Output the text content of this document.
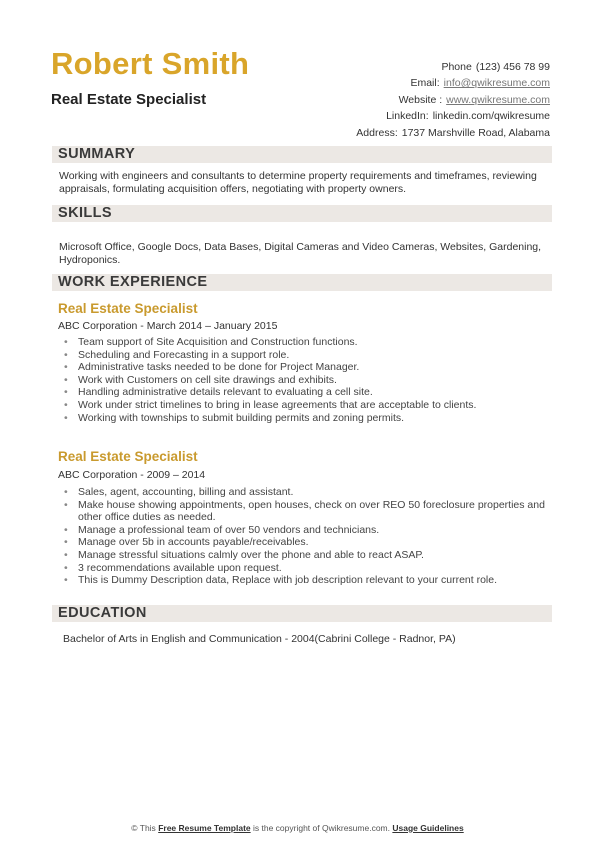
Robert Smith
Real Estate Specialist
Phone (123) 456 78 99
Email: info@qwikresume.com
Website : www.qwikresume.com
LinkedIn: linkedin.com/qwikresume
Address: 1737 Marshville Road, Alabama
SUMMARY
Working with engineers and consultants to determine property requirements and timeframes, reviewing appraisals, formulating acquisition offers, negotiating with property owners.
SKILLS
Microsoft Office, Google Docs, Data Bases, Digital Cameras and Video Cameras, Websites, Gardening, Hydroponics.
WORK EXPERIENCE
Real Estate Specialist
ABC Corporation - March 2014 – January 2015
• Team support of Site Acquisition and Construction functions.
• Scheduling and Forecasting in a support role.
• Administrative tasks needed to be done for Project Manager.
• Work with Customers on cell site drawings and exhibits.
• Handling administrative details relevant to evaluating a cell site.
• Work under strict timelines to bring in lease agreements that are acceptable to clients.
• Working with townships to submit building permits and zoning permits.
Real Estate Specialist
ABC Corporation - 2009 – 2014
• Sales, agent, accounting, billing and assistant.
• Make house showing appointments, open houses, check on over REO 50 foreclosure properties and other office duties as needed.
• Manage a professional team of over 50 vendors and technicians.
• Manage over 5b in accounts payable/receivables.
• Manage stressful situations calmly over the phone and able to react ASAP.
• 3 recommendations available upon request.
• This is Dummy Description data, Replace with job description relevant to your current role.
EDUCATION
Bachelor of Arts in English and Communication - 2004(Cabrini College - Radnor, PA)
© This Free Resume Template is the copyright of Qwikresume.com. Usage Guidelines
